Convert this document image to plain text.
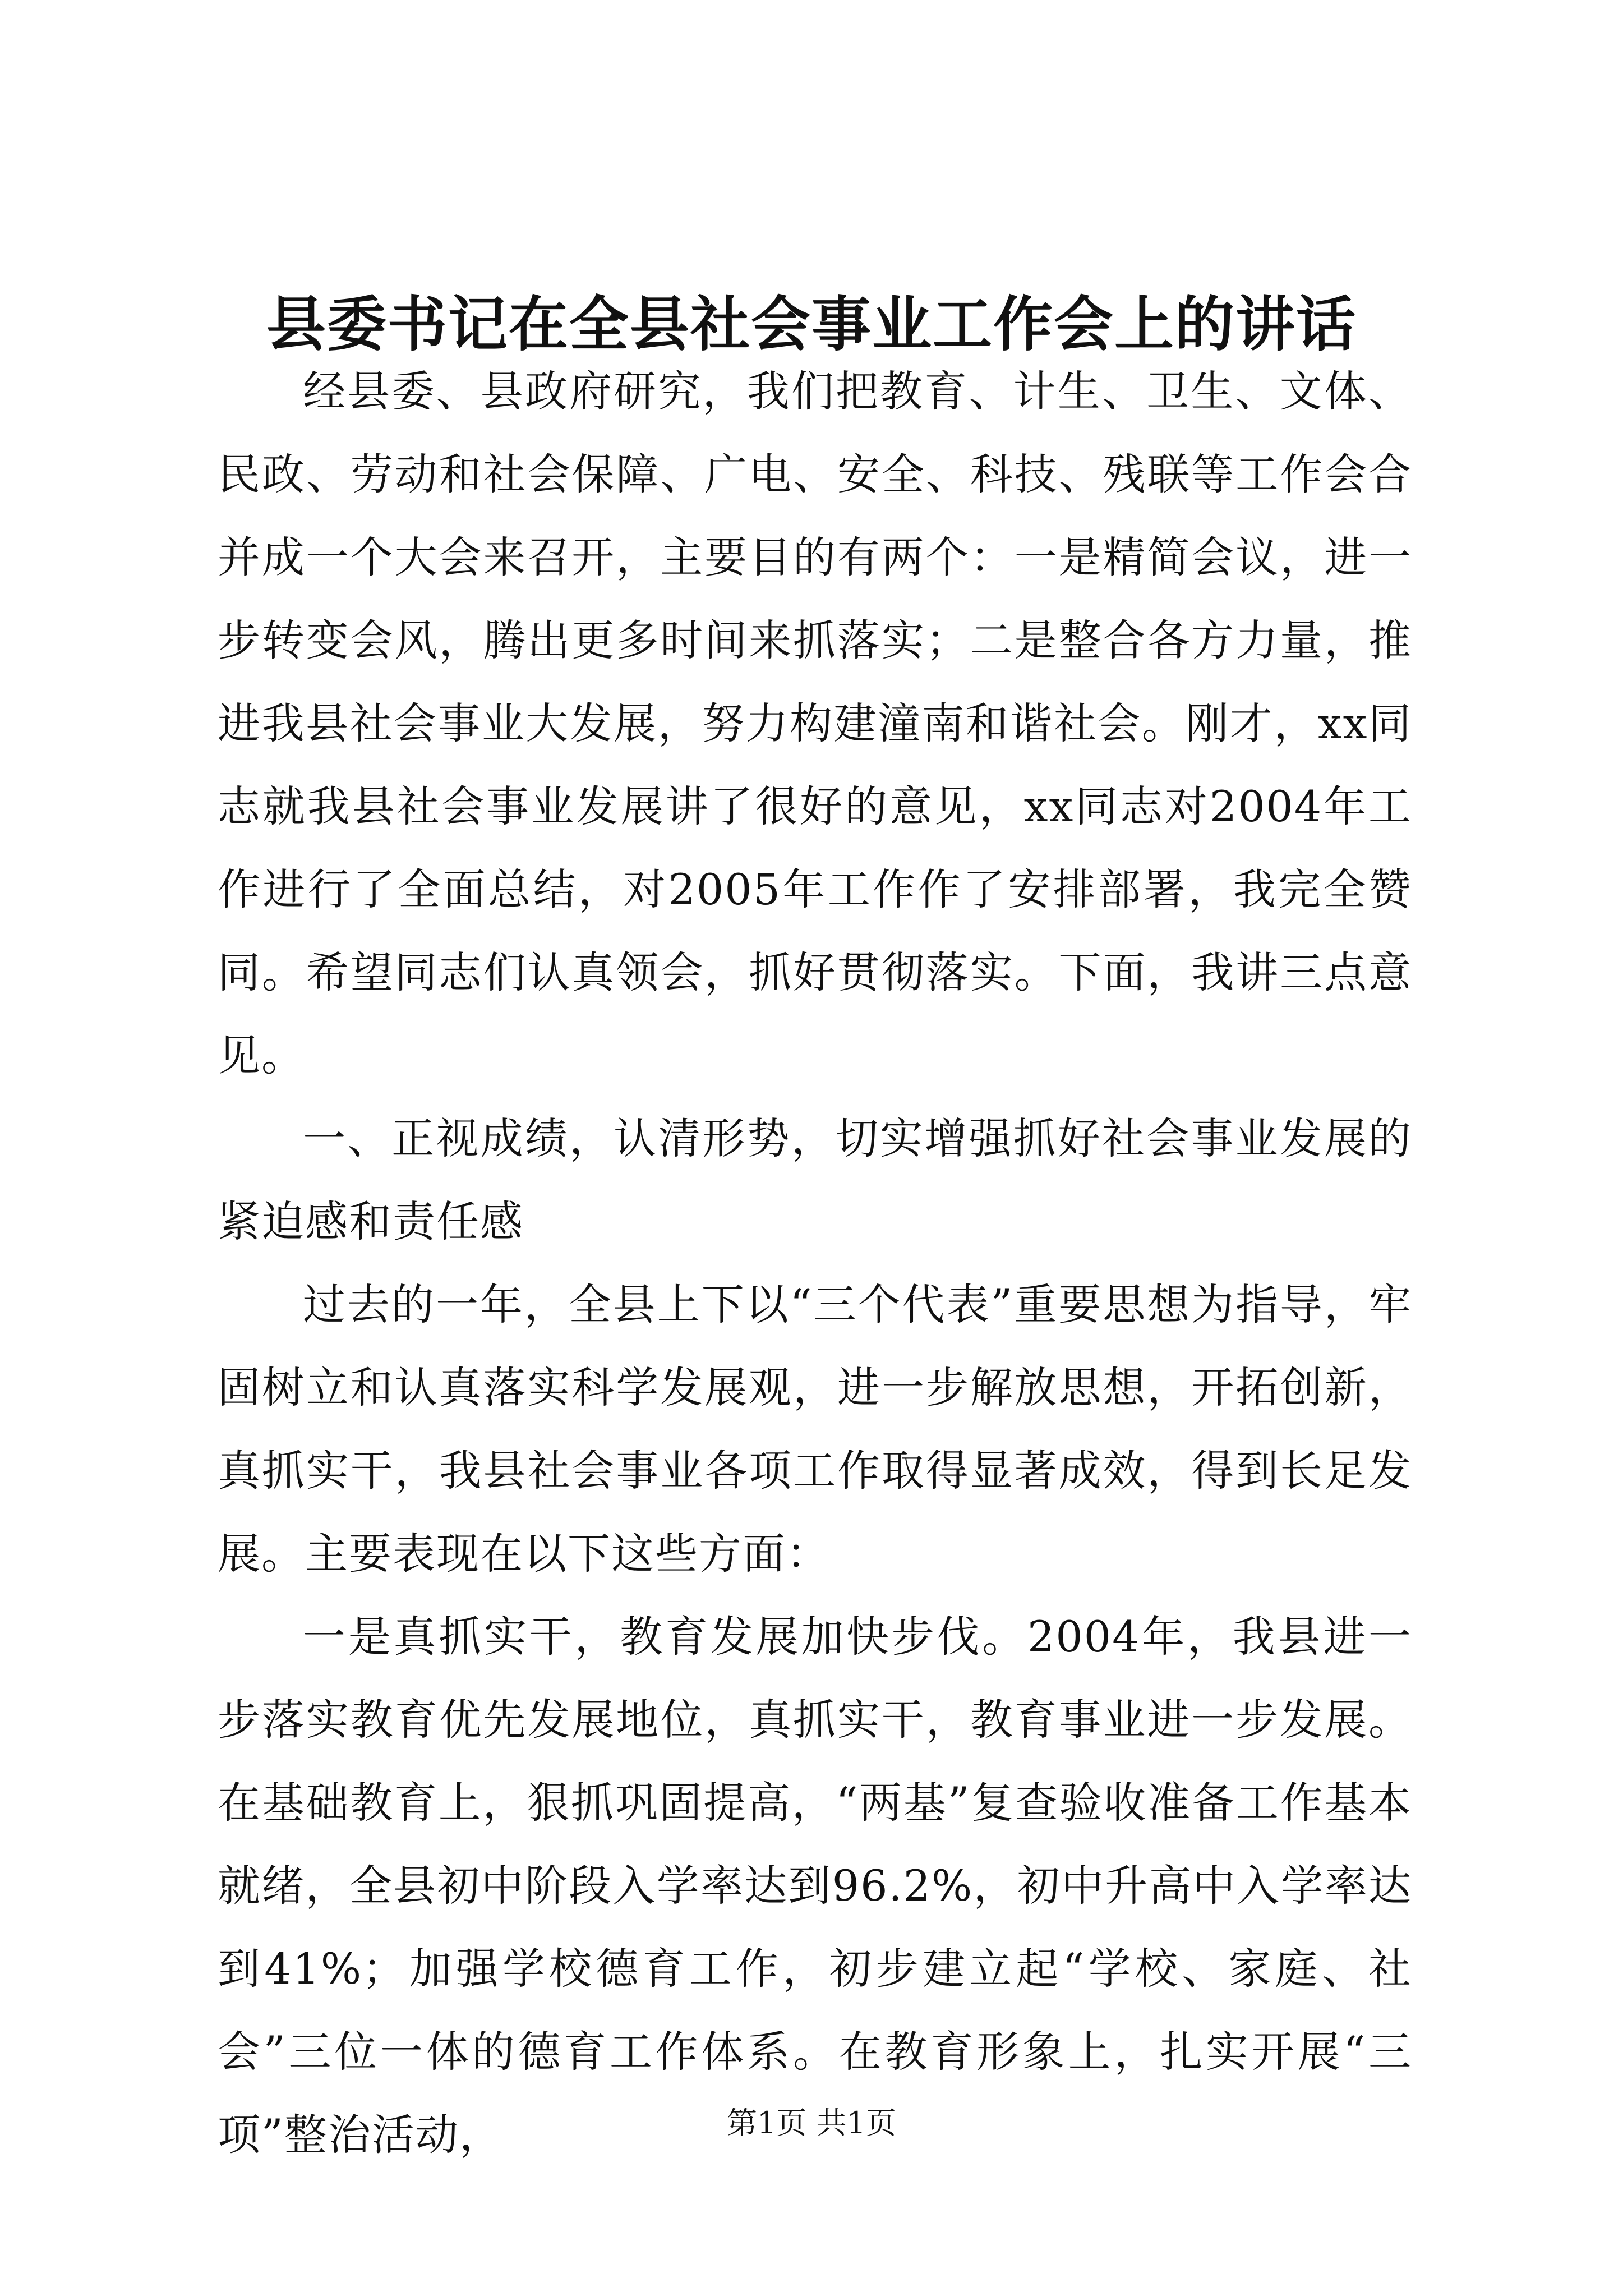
县委书记在全县社会事业工作会上的讲话

经县委、县政府研究，我们把教育、计生、卫生、文体、民政、劳动和社会保障、广电、安全、科技、残联等工作会合并成一个大会来召开，主要目的有两个：一是精简会议，进一步转变会风，腾出更多时间来抓落实；二是整合各方力量，推进我县社会事业大发展，努力构建潼南和谐社会。刚才，xx同志就我县社会事业发展讲了很好的意见，xx同志对2004年工作进行了全面总结，对2005年工作作了安排部署，我完全赞同。希望同志们认真领会，抓好贯彻落实。下面，我讲三点意见。

一、正视成绩，认清形势，切实增强抓好社会事业发展的紧迫感和责任感

过去的一年，全县上下以“三个代表”重要思想为指导，牢固树立和认真落实科学发展观，进一步解放思想，开拓创新，真抓实干，我县社会事业各项工作取得显著成效，得到长足发展。主要表现在以下这些方面：

一是真抓实干，教育发展加快步伐。2004年，我县进一步落实教育优先发展地位，真抓实干，教育事业进一步发展。在基础教育上，狠抓巩固提高，“两基”复查验收准备工作基本就绪，全县初中阶段入学率达到96.2%，初中升高中入学率达到41%；加强学校德育工作，初步建立起“学校、家庭、社会”三位一体的德育工作体系。在教育形象上，扎实开展“三项”整治活动，	第1页 共1页
